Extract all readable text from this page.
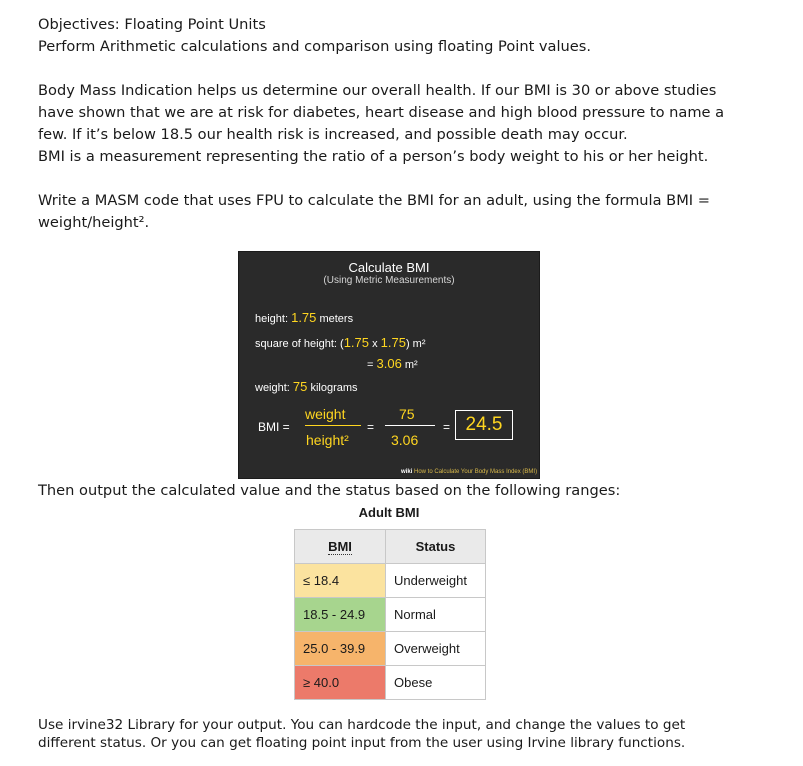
Objectives: Floating Point Units
Perform Arithmetic calculations and comparison using floating Point values.
Body Mass Indication helps us determine our overall health. If our BMI is 30 or above studies
have shown that we are at risk for diabetes, heart disease and high blood pressure to name a
few. If it’s below 18.5 our health risk is increased, and possible death may occur.
BMI is a measurement representing the ratio of a person’s body weight to his or her height.
Write a MASM code that uses FPU to calculate the BMI for an adult, using the formula BMI =
weight/height².
Calculate BMI
(Using Metric Measurements)
height: 1.75 meters
square of height: (1.75 x 1.75) m²
= 3.06 m²
weight: 75 kilograms
BMI =
weight
height²
=
75
3.06
= 24.5
wiki How to Calculate Your Body Mass Index (BMI)
Then output the calculated value and the status based on the following ranges:
Adult BMI
BMI	Status
≤ 18.4	Underweight
18.5 - 24.9	Normal
25.0 - 39.9	Overweight
≥ 40.0	Obese
Use irvine32 Library for your output. You can hardcode the input, and change the values to get
different status. Or you can get floating point input from the user using Irvine library functions.
